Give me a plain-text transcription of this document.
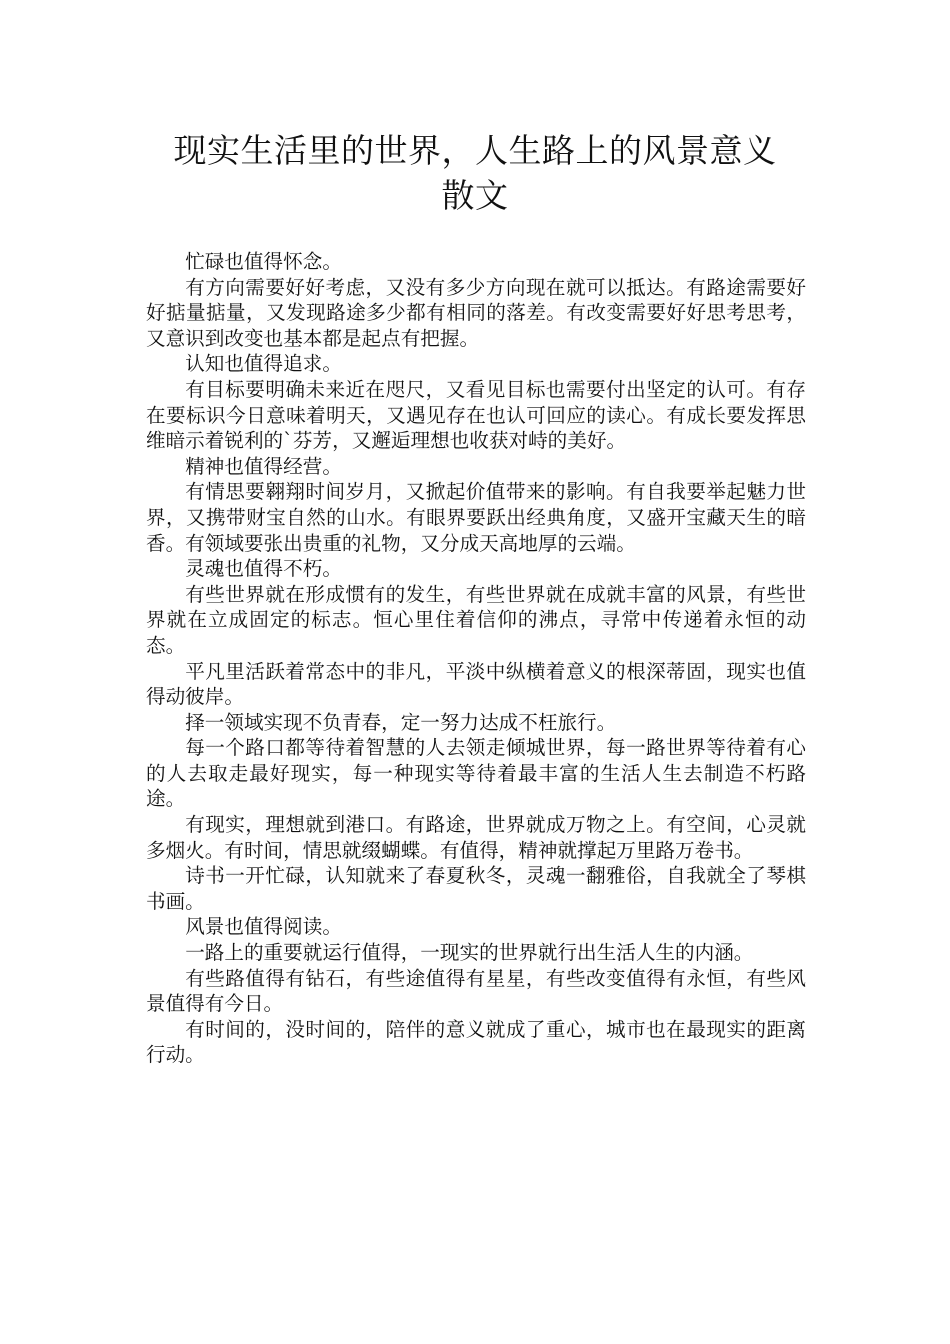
现实生活里的世界，人生路上的风景意义
散文

忙碌也值得怀念。

有方向需要好好考虑，又没有多少方向现在就可以抵达。有路途需要好好掂量掂量，又发现路途多少都有相同的落差。有改变需要好好思考思考，又意识到改变也基本都是起点有把握。

认知也值得追求。

有目标要明确未来近在咫尺，又看见目标也需要付出坚定的认可。有存在要标识今日意味着明天，又遇见存在也认可回应的读心。有成长要发挥思维暗示着锐利的`芬芳，又邂逅理想也收获对峙的美好。

精神也值得经营。

有情思要翱翔时间岁月，又掀起价值带来的影响。有自我要举起魅力世界，又携带财宝自然的山水。有眼界要跃出经典角度，又盛开宝藏天生的暗香。有领域要张出贵重的礼物，又分成天高地厚的云端。

灵魂也值得不朽。

有些世界就在形成惯有的发生，有些世界就在成就丰富的风景，有些世界就在立成固定的标志。恒心里住着信仰的沸点，寻常中传递着永恒的动态。

平凡里活跃着常态中的非凡，平淡中纵横着意义的根深蒂固，现实也值得动彼岸。

择一领域实现不负青春，定一努力达成不枉旅行。

每一个路口都等待着智慧的人去领走倾城世界，每一路世界等待着有心的人去取走最好现实，每一种现实等待着最丰富的生活人生去制造不朽路途。

有现实，理想就到港口。有路途，世界就成万物之上。有空间，心灵就多烟火。有时间，情思就缀蝴蝶。有值得，精神就撑起万里路万卷书。

诗书一开忙碌，认知就来了春夏秋冬，灵魂一翻雅俗，自我就全了琴棋书画。

风景也值得阅读。

一路上的重要就运行值得，一现实的世界就行出生活人生的内涵。

有些路值得有钻石，有些途值得有星星，有些改变值得有永恒，有些风景值得有今日。

有时间的，没时间的，陪伴的意义就成了重心，城市也在最现实的距离行动。
